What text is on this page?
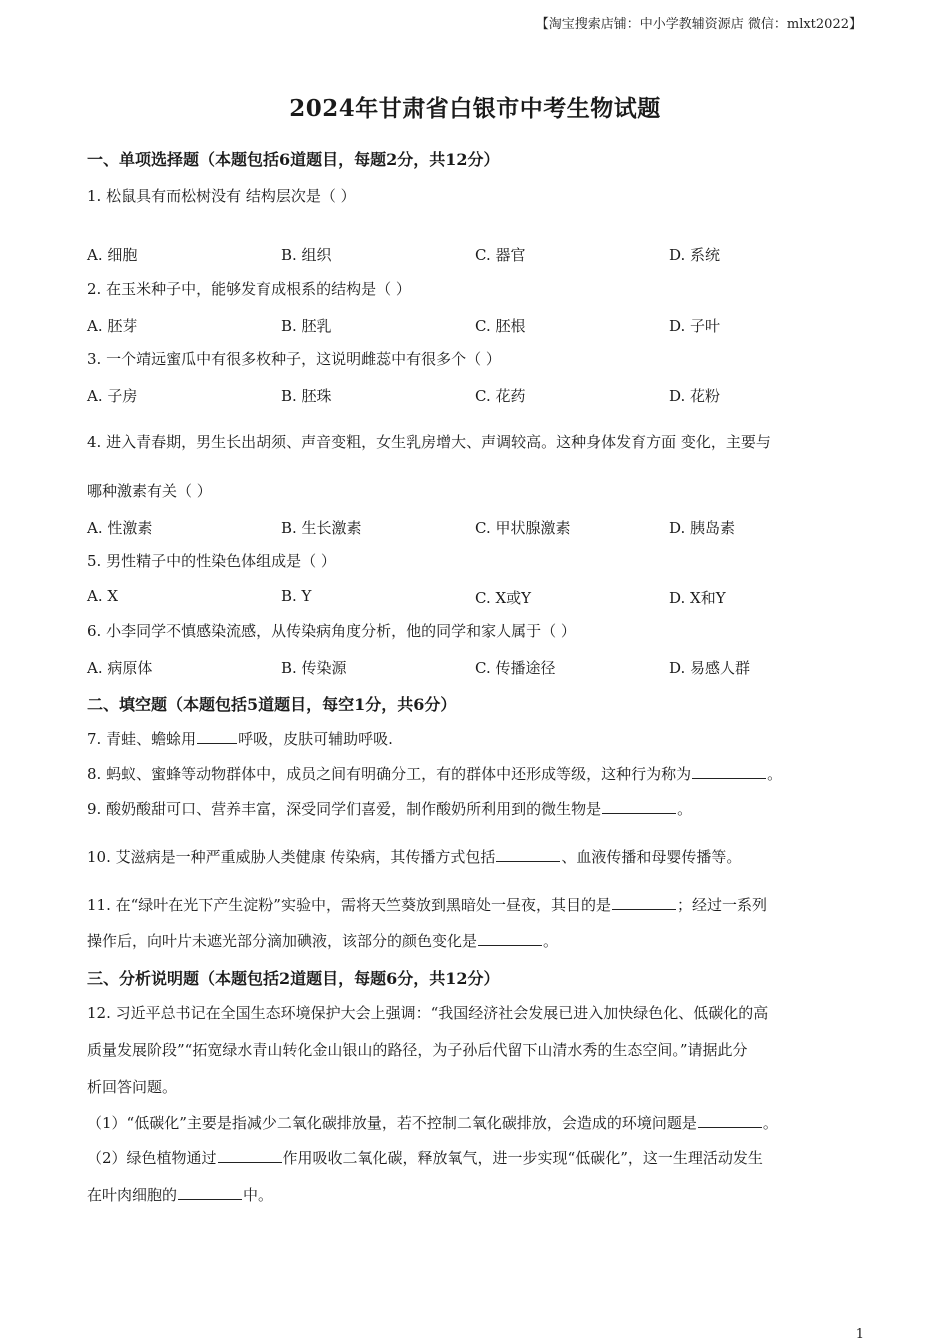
【淘宝搜索店铺：中小学教辅资源店 微信：mlxt2022】
2024年甘肃省白银市中考生物试题
一、单项选择题（本题包括6道题目，每题2分，共12分）
1. 松鼠具有而松树没有 结构层次是（ ）
A. 细胞	B. 组织	C. 器官	D. 系统
2. 在玉米种子中，能够发育成根系的结构是（ ）
A. 胚芽	B. 胚乳	C. 胚根	D. 子叶
3. 一个靖远蜜瓜中有很多枚种子，这说明雌蕊中有很多个（ ）
A. 子房	B. 胚珠	C. 花药	D. 花粉
4. 进入青春期，男生长出胡须、声音变粗，女生乳房增大、声调较高。这种身体发育方面 变化，主要与
哪种激素有关（ ）
A. 性激素	B. 生长激素	C. 甲状腺激素	D. 胰岛素
5. 男性精子中的性染色体组成是（ ）
A. X	B. Y	C. X或Y	D. X和Y
6. 小李同学不慎感染流感，从传染病角度分析，他的同学和家人属于（ ）
A. 病原体	B. 传染源	C. 传播途径	D. 易感人群
二、填空题（本题包括5道题目，每空1分，共6分）
7. 青蛙、蟾蜍用	呼吸，皮肤可辅助呼吸.
8. 蚂蚁、蜜蜂等动物群体中，成员之间有明确分工，有的群体中还形成等级，这种行为称为	。
9. 酸奶酸甜可口、营养丰富，深受同学们喜爱，制作酸奶所利用到的微生物是	。
10. 艾滋病是一种严重威胁人类健康 传染病，其传播方式包括	、血液传播和母婴传播等。
11. 在“绿叶在光下产生淀粉”实验中，需将天竺葵放到黑暗处一昼夜，其目的是	；经过一系列
操作后，向叶片未遮光部分滴加碘液，该部分的颜色变化是	。
三、分析说明题（本题包括2道题目，每题6分，共12分）
12. 习近平总书记在全国生态环境保护大会上强调：“我国经济社会发展已进入加快绿色化、低碳化的高
质量发展阶段”“拓宽绿水青山转化金山银山的路径，为子孙后代留下山清水秀的生态空间。”请据此分
析回答问题。
（1）“低碳化”主要是指减少二氧化碳排放量，若不控制二氧化碳排放，会造成的环境问题是	。
（2）绿色植物通过	作用吸收二氧化碳，释放氧气，进一步实现“低碳化”，这一生理活动发生
在叶肉细胞的	中。
1
